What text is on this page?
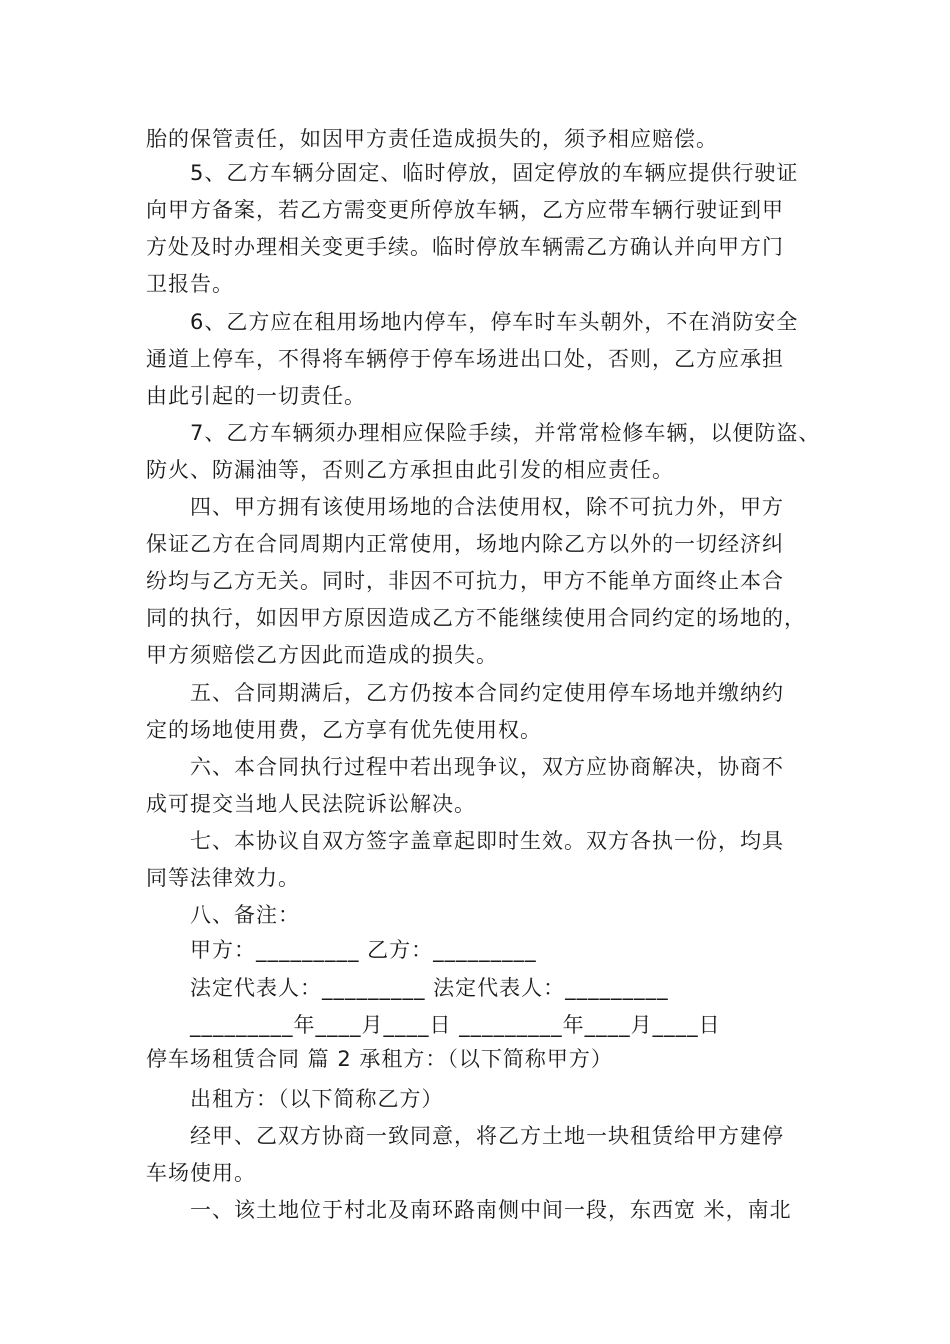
胎的保管责任，如因甲方责任造成损失的，须予相应赔偿。
5、乙方车辆分固定、临时停放，固定停放的车辆应提供行驶证
向甲方备案，若乙方需变更所停放车辆，乙方应带车辆行驶证到甲
方处及时办理相关变更手续。临时停放车辆需乙方确认并向甲方门
卫报告。
6、乙方应在租用场地内停车，停车时车头朝外，不在消防安全
通道上停车，不得将车辆停于停车场进出口处，否则，乙方应承担
由此引起的一切责任。
7、乙方车辆须办理相应保险手续，并常常检修车辆，以便防盗、
防火、防漏油等，否则乙方承担由此引发的相应责任。
四、甲方拥有该使用场地的合法使用权，除不可抗力外，甲方
保证乙方在合同周期内正常使用，场地内除乙方以外的一切经济纠
纷均与乙方无关。同时，非因不可抗力，甲方不能单方面终止本合
同的执行，如因甲方原因造成乙方不能继续使用合同约定的场地的，
甲方须赔偿乙方因此而造成的损失。
五、合同期满后，乙方仍按本合同约定使用停车场地并缴纳约
定的场地使用费，乙方享有优先使用权。
六、本合同执行过程中若出现争议，双方应协商解决，协商不
成可提交当地人民法院诉讼解决。
七、本协议自双方签字盖章起即时生效。双方各执一份，均具
同等法律效力。
八、备注：
甲方：_________ 乙方：_________
法定代表人：_________ 法定代表人：_________
_________年____月____日 _________年____月____日
停车场租赁合同 篇 2 承租方：（以下简称甲方）
出租方：（以下简称乙方）
经甲、乙双方协商一致同意，将乙方土地一块租赁给甲方建停
车场使用。
一、该土地位于村北及南环路南侧中间一段，东西宽 米，南北
